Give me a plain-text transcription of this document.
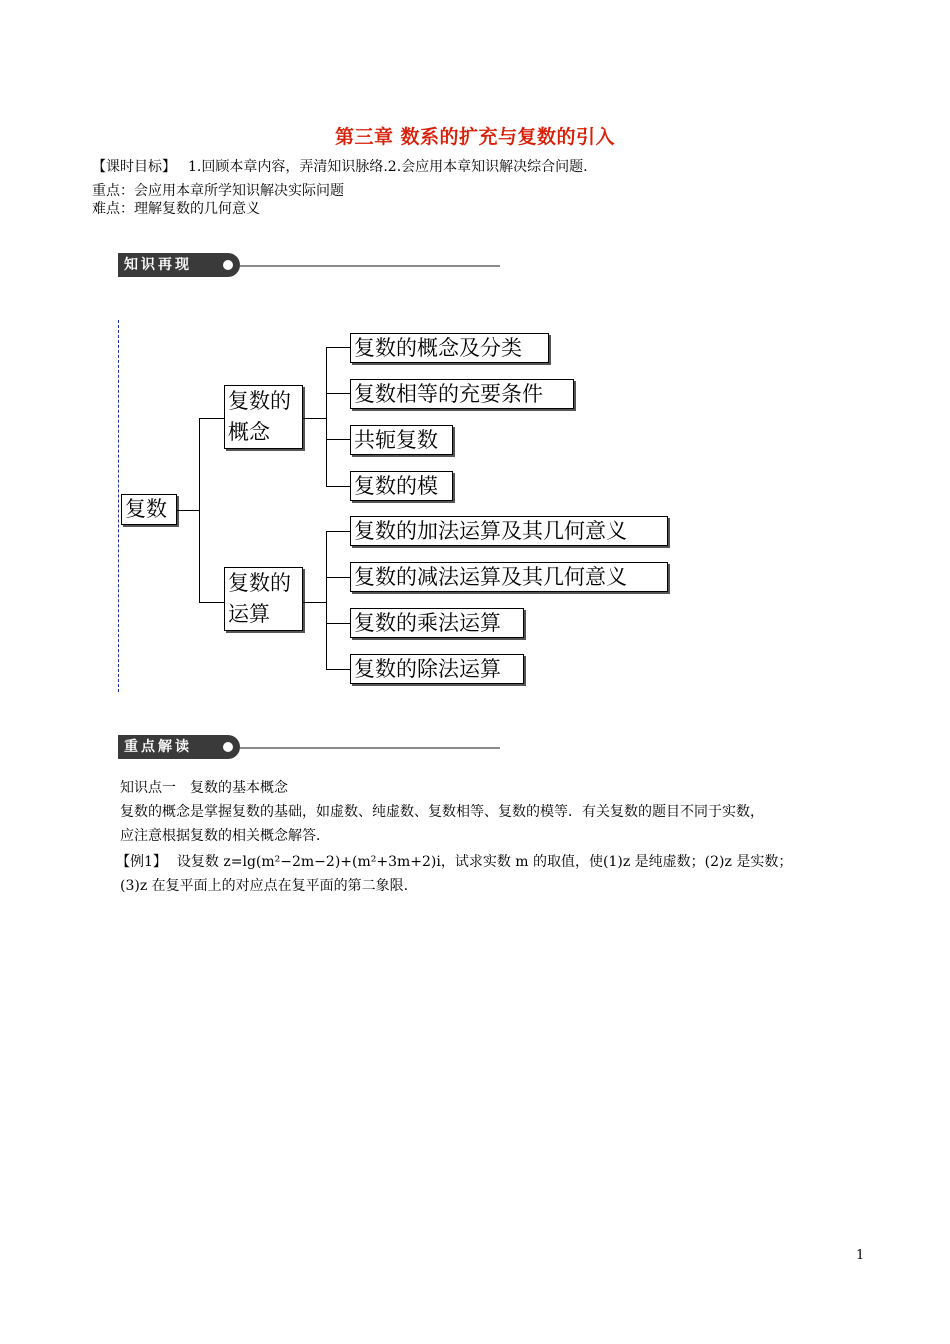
第三章 数系的扩充与复数的引入
【课时目标】 1.回顾本章内容，弄清知识脉络.2.会应用本章知识解决综合问题.
重点：会应用本章所学知识解决实际问题
难点：理解复数的几何意义
知识再现
复数
复数的概念
复数的运算
复数的概念及分类
复数相等的充要条件
共轭复数
复数的模
复数的加法运算及其几何意义
复数的减法运算及其几何意义
复数的乘法运算
复数的除法运算
重点解读
知识点一　复数的基本概念
复数的概念是掌握复数的基础，如虚数、纯虚数、复数相等、复数的模等．有关复数的题目不同于实数，
应注意根据复数的相关概念解答．
【例1】 设复数 z=lg(m²−2m−2)+(m²+3m+2)i，试求实数 m 的取值，使(1)z 是纯虚数；(2)z 是实数；
(3)z 在复平面上的对应点在复平面的第二象限.
1
